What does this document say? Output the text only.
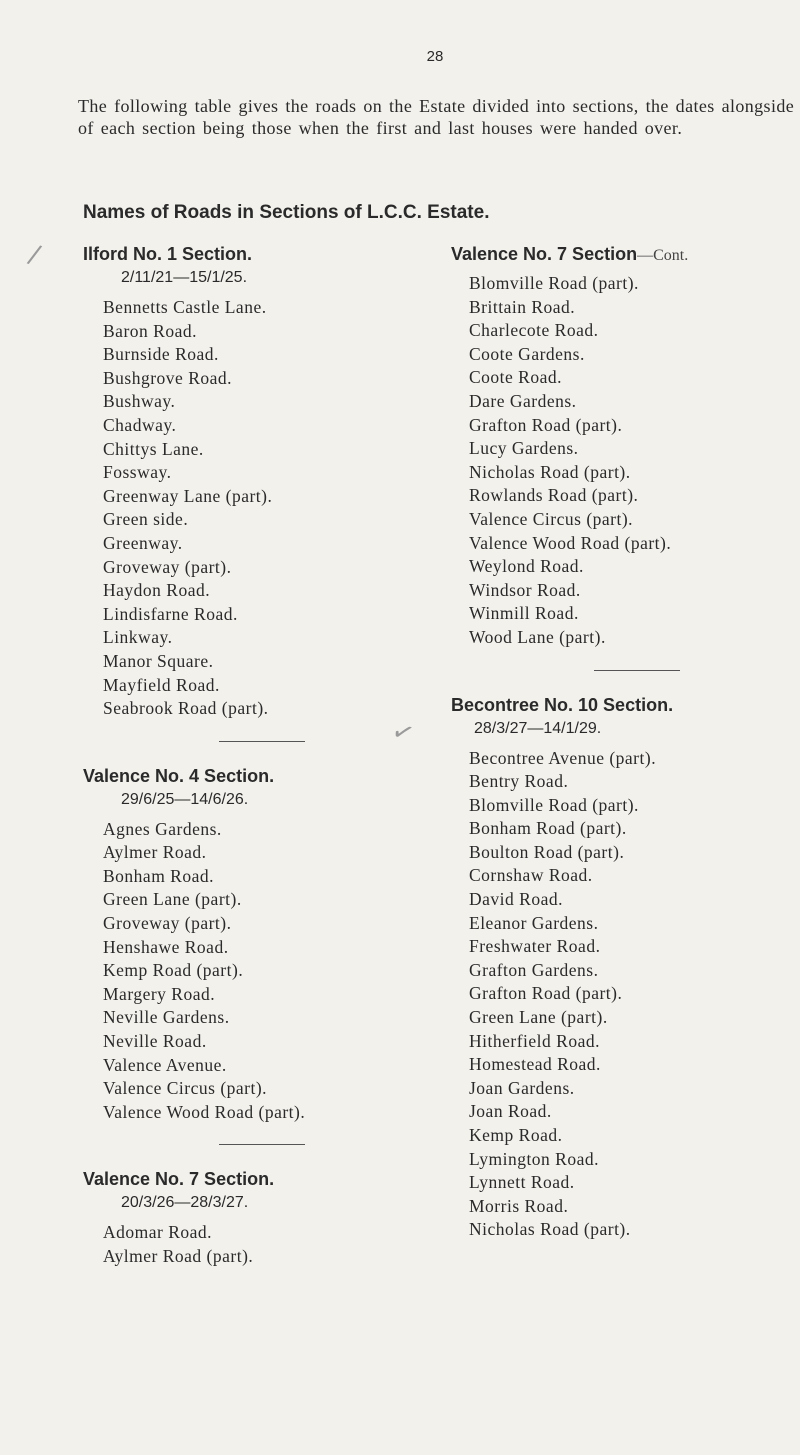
28
The following table gives the roads on the Estate divided into sections, the dates alongside of each section being those when the first and last houses were handed over.
Names of Roads in Sections of L.C.C. Estate.
Ilford No. 1 Section.
2/11/21—15/1/25.
Bennetts Castle Lane.
Baron Road.
Burnside Road.
Bushgrove Road.
Bushway.
Chadway.
Chittys Lane.
Fossway.
Greenway Lane (part).
Green side.
Greenway.
Groveway (part).
Haydon Road.
Lindisfarne Road.
Linkway.
Manor Square.
Mayfield Road.
Seabrook Road (part).
Valence No. 4 Section.
29/6/25—14/6/26.
Agnes Gardens.
Aylmer Road.
Bonham Road.
Green Lane (part).
Groveway (part).
Henshawe Road.
Kemp Road (part).
Margery Road.
Neville Gardens.
Neville Road.
Valence Avenue.
Valence Circus (part).
Valence Wood Road (part).
Valence No. 7 Section.
20/3/26—28/3/27.
Adomar Road.
Aylmer Road (part).
Valence No. 7 Section—Cont.
Blomville Road (part).
Brittain Road.
Charlecote Road.
Coote Gardens.
Coote Road.
Dare Gardens.
Grafton Road (part).
Lucy Gardens.
Nicholas Road (part).
Rowlands Road (part).
Valence Circus (part).
Valence Wood Road (part).
Weylond Road.
Windsor Road.
Winmill Road.
Wood Lane (part).
Becontree No. 10 Section.
28/3/27—14/1/29.
Becontree Avenue (part).
Bentry Road.
Blomville Road (part).
Bonham Road (part).
Boulton Road (part).
Cornshaw Road.
David Road.
Eleanor Gardens.
Freshwater Road.
Grafton Gardens.
Grafton Road (part).
Green Lane (part).
Hitherfield Road.
Homestead Road.
Joan Gardens.
Joan Road.
Kemp Road.
Lymington Road.
Lynnett Road.
Morris Road.
Nicholas Road (part).
/
✓
